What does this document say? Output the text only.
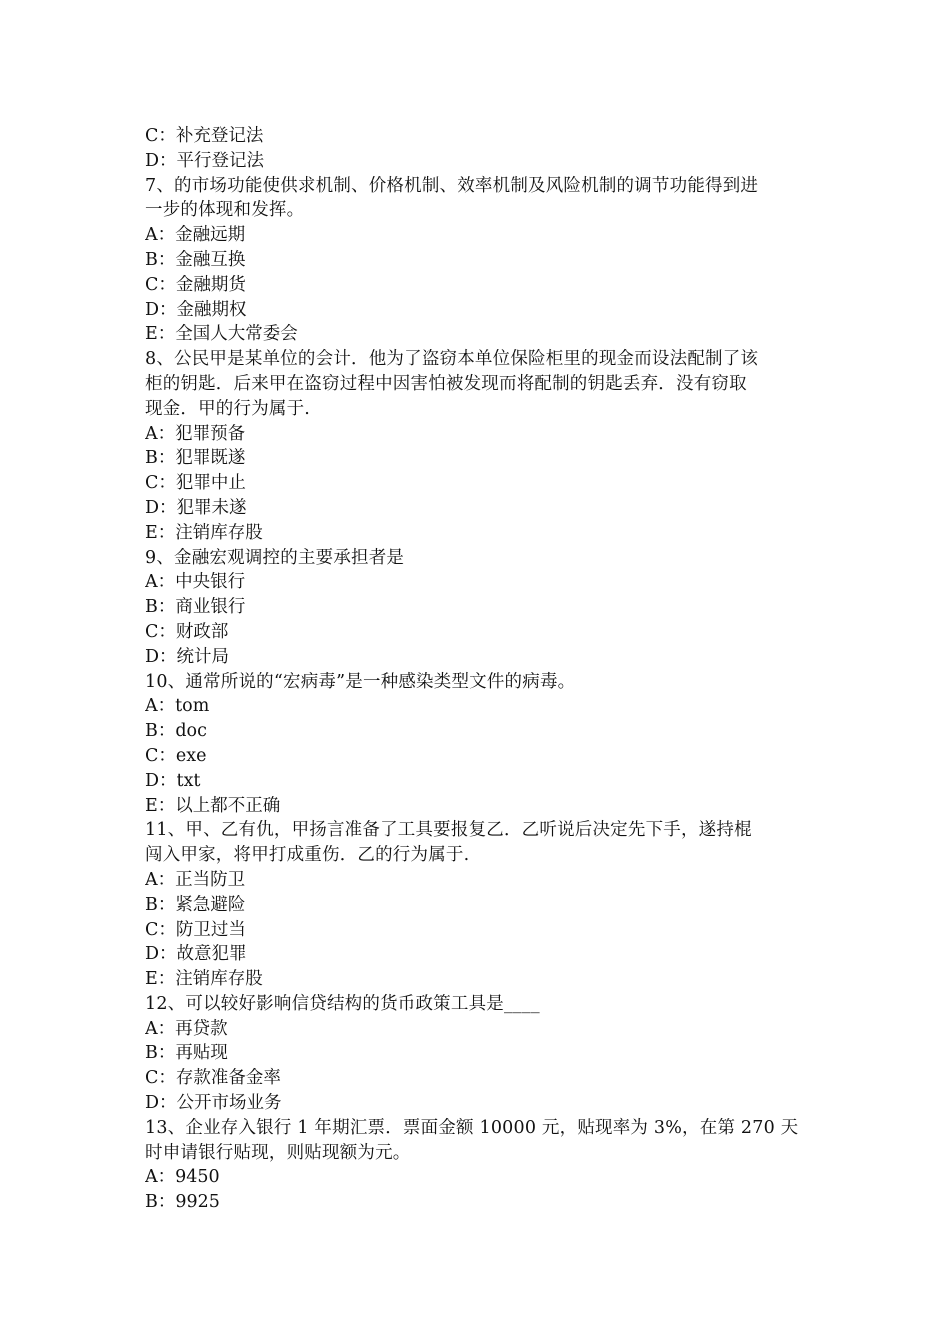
C：补充登记法
D：平行登记法
7、的市场功能使供求机制、价格机制、效率机制及风险机制的调节功能得到进
一步的体现和发挥。
A：金融远期
B：金融互换
C：金融期货
D：金融期权
E：全国人大常委会
8、公民甲是某单位的会计．他为了盗窃本单位保险柜里的现金而设法配制了该
柜的钥匙．后来甲在盗窃过程中因害怕被发现而将配制的钥匙丢弃．没有窃取
现金．甲的行为属于.
A：犯罪预备
B：犯罪既遂
C：犯罪中止
D：犯罪未遂
E：注销库存股
9、金融宏观调控的主要承担者是
A：中央银行
B：商业银行
C：财政部
D：统计局
10、通常所说的“宏病毒”是一种感染类型文件的病毒。
A：tom
B：doc
C：exe
D：txt
E：以上都不正确
11、甲、乙有仇，甲扬言准备了工具要报复乙．乙听说后决定先下手，遂持棍
闯入甲家，将甲打成重伤．乙的行为属于.
A：正当防卫
B：紧急避险
C：防卫过当
D：故意犯罪
E：注销库存股
12、可以较好影响信贷结构的货币政策工具是____
A：再贷款
B：再贴现
C：存款准备金率
D：公开市场业务
13、企业存入银行 1 年期汇票．票面金额 10000 元，贴现率为 3%，在第 270 天
时申请银行贴现，则贴现额为元。
A：9450
B：9925
